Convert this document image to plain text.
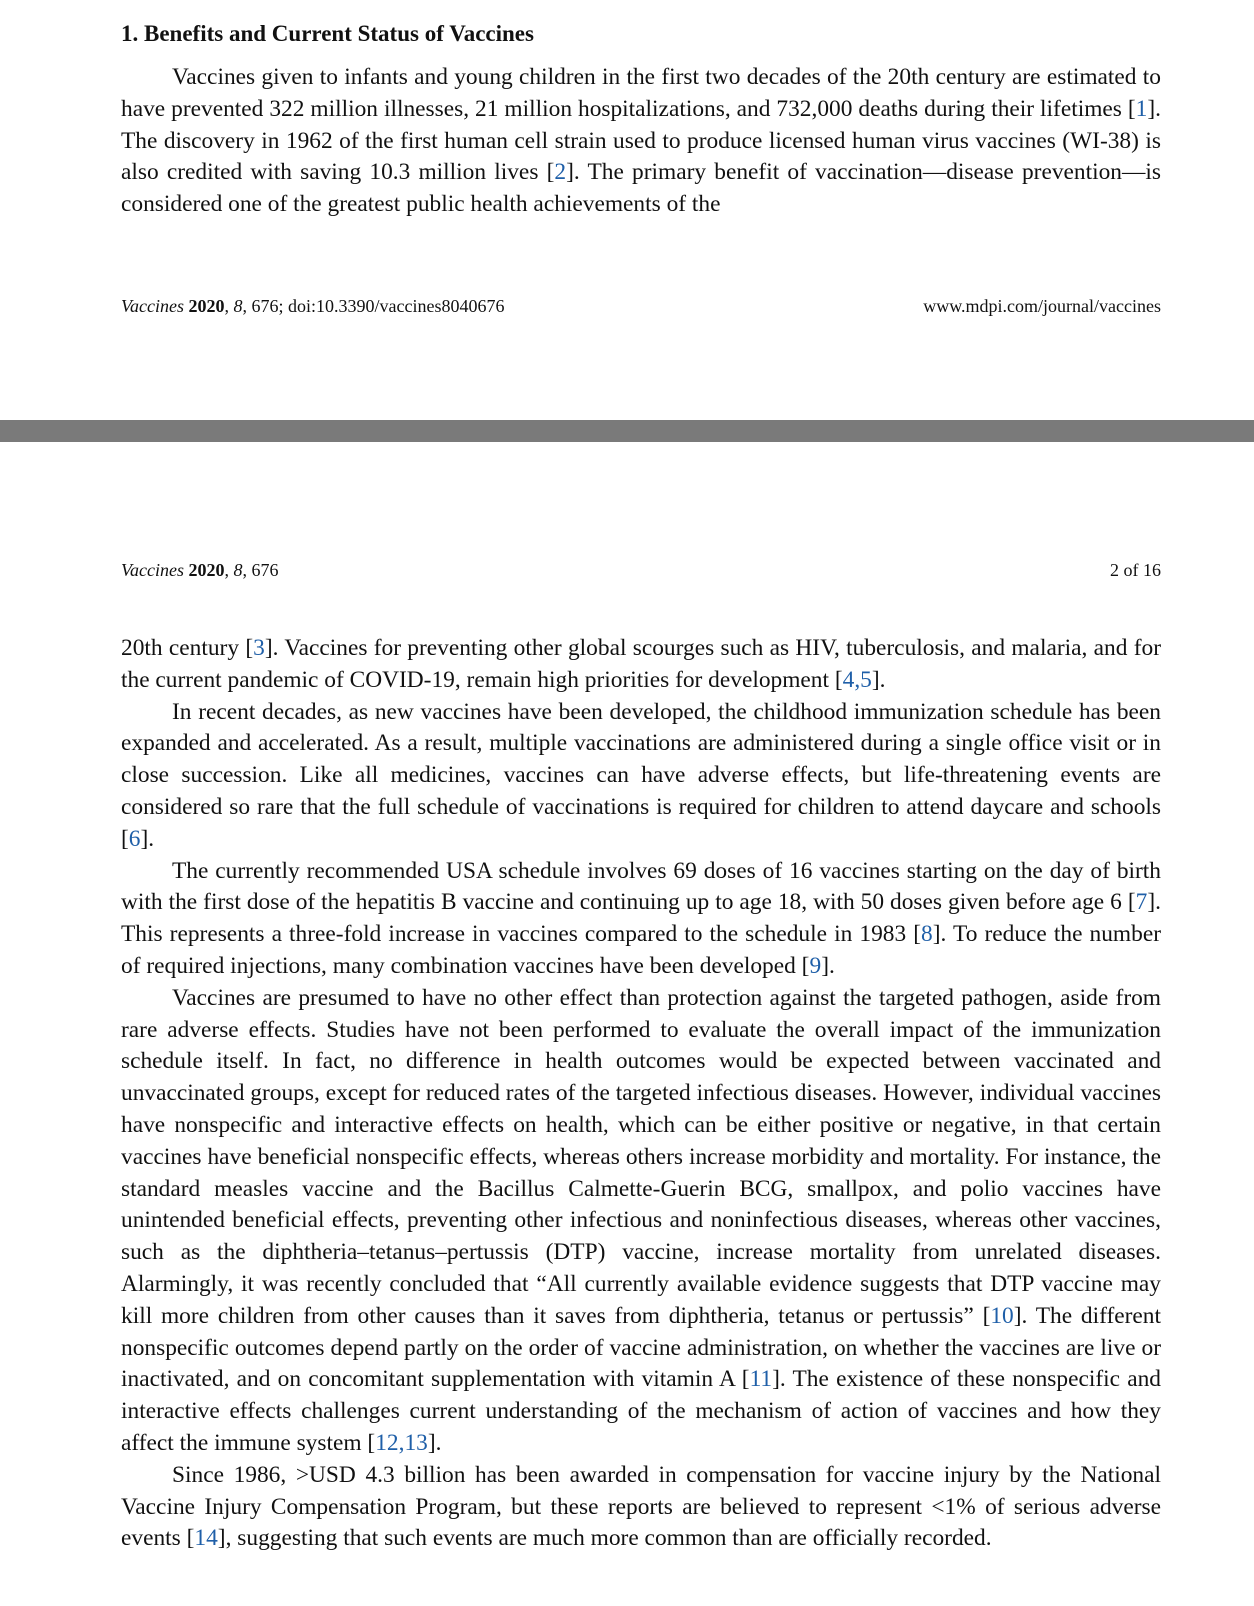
1. Benefits and Current Status of Vaccines

Vaccines given to infants and young children in the first two decades of the 20th century are estimated to have prevented 322 million illnesses, 21 million hospitalizations, and 732,000 deaths during their lifetimes [1]. The discovery in 1962 of the first human cell strain used to produce licensed human virus vaccines (WI-38) is also credited with saving 10.3 million lives [2]. The primary benefit of vaccination—disease prevention—is considered one of the greatest public health achievements of the

Vaccines 2020, 8, 676; doi:10.3390/vaccines8040676	www.mdpi.com/journal/vaccines
Vaccines 2020, 8, 676	2 of 16

20th century [3]. Vaccines for preventing other global scourges such as HIV, tuberculosis, and malaria, and for the current pandemic of COVID-19, remain high priorities for development [4,5].

In recent decades, as new vaccines have been developed, the childhood immunization schedule has been expanded and accelerated. As a result, multiple vaccinations are administered during a single office visit or in close succession. Like all medicines, vaccines can have adverse effects, but life-threatening events are considered so rare that the full schedule of vaccinations is required for children to attend daycare and schools [6].

The currently recommended USA schedule involves 69 doses of 16 vaccines starting on the day of birth with the first dose of the hepatitis B vaccine and continuing up to age 18, with 50 doses given before age 6 [7]. This represents a three-fold increase in vaccines compared to the schedule in 1983 [8]. To reduce the number of required injections, many combination vaccines have been developed [9].

Vaccines are presumed to have no other effect than protection against the targeted pathogen, aside from rare adverse effects. Studies have not been performed to evaluate the overall impact of the immunization schedule itself. In fact, no difference in health outcomes would be expected between vaccinated and unvaccinated groups, except for reduced rates of the targeted infectious diseases. However, individual vaccines have nonspecific and interactive effects on health, which can be either positive or negative, in that certain vaccines have beneficial nonspecific effects, whereas others increase morbidity and mortality. For instance, the standard measles vaccine and the Bacillus Calmette-Guerin BCG, smallpox, and polio vaccines have unintended beneficial effects, preventing other infectious and noninfectious diseases, whereas other vaccines, such as the diphtheria–tetanus–pertussis (DTP) vaccine, increase mortality from unrelated diseases. Alarmingly, it was recently concluded that “All currently available evidence suggests that DTP vaccine may kill more children from other causes than it saves from diphtheria, tetanus or pertussis” [10]. The different nonspecific outcomes depend partly on the order of vaccine administration, on whether the vaccines are live or inactivated, and on concomitant supplementation with vitamin A [11]. The existence of these nonspecific and interactive effects challenges current understanding of the mechanism of action of vaccines and how they affect the immune system [12,13].

Since 1986, >USD 4.3 billion has been awarded in compensation for vaccine injury by the National Vaccine Injury Compensation Program, but these reports are believed to represent <1% of serious adverse events [14], suggesting that such events are much more common than are officially recorded.
